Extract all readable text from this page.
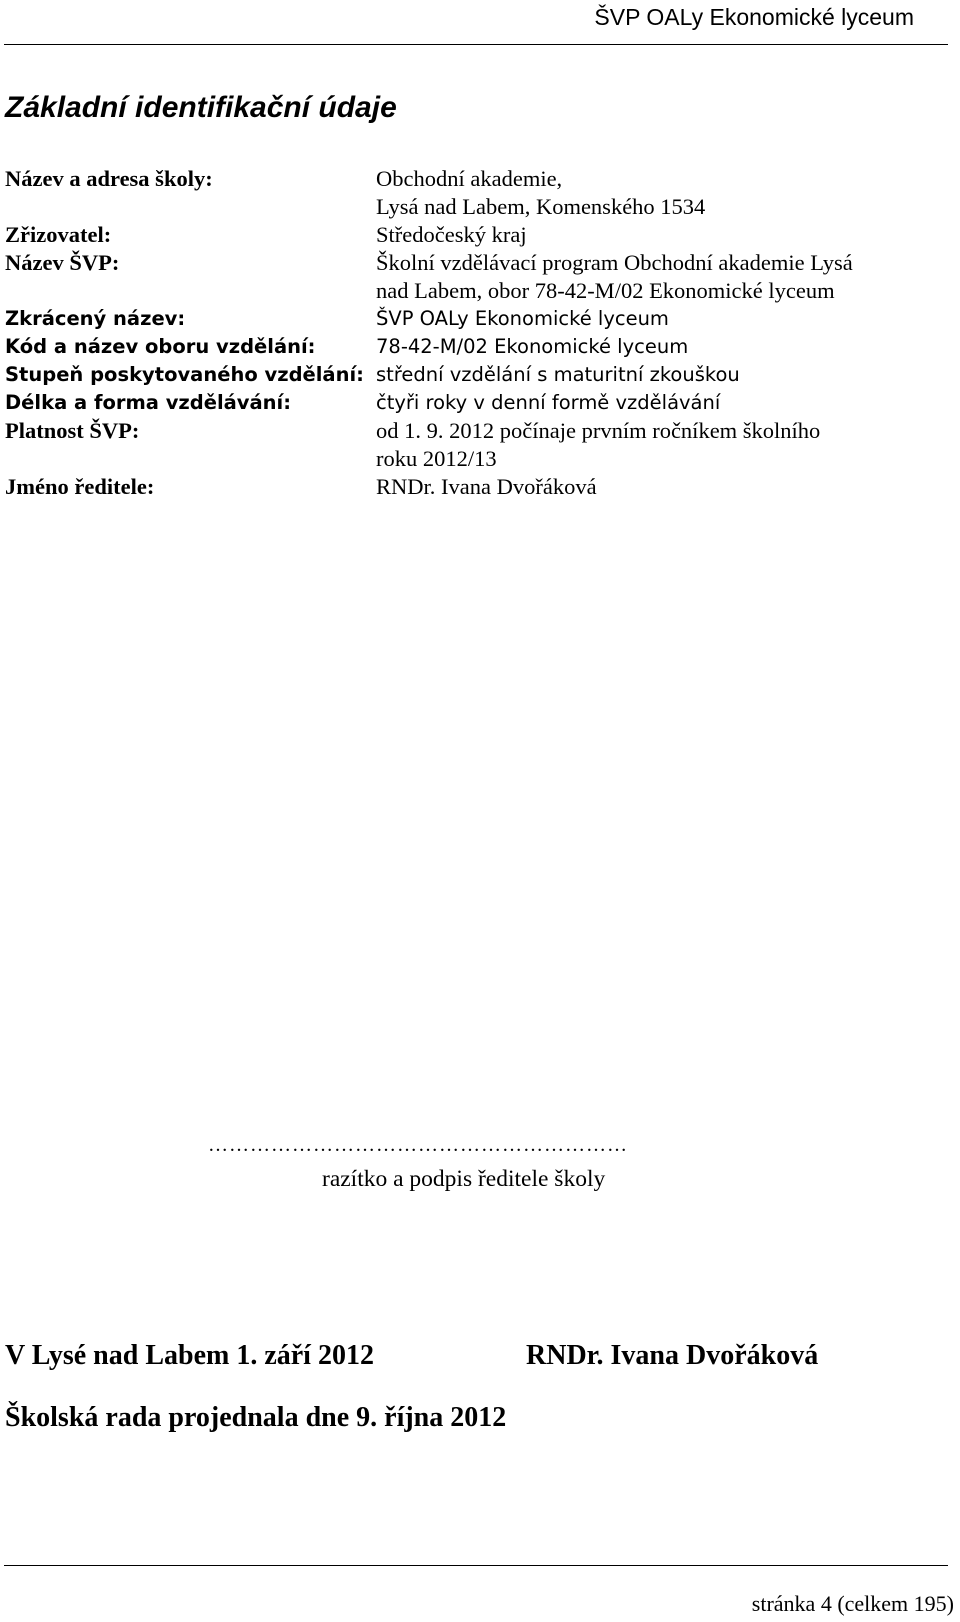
ŠVP OALy Ekonomické lyceum
Základní identifikační údaje
Název a adresa školy:	Obchodní akademie,
Lysá nad Labem, Komenského 1534
Zřizovatel:	Středočeský kraj
Název ŠVP:	Školní vzdělávací program Obchodní akademie Lysá
nad Labem, obor 78-42-M/02 Ekonomické lyceum
Zkrácený název:	ŠVP OALy Ekonomické lyceum
Kód a název oboru vzdělání:	78-42-M/02 Ekonomické lyceum
Stupeň poskytovaného vzdělání: střední vzdělání s maturitní zkouškou
Délka a forma vzdělávání:	čtyři roky v denní formě vzdělávání
Platnost ŠVP:	od 1. 9. 2012 počínaje prvním ročníkem školního
roku 2012/13
Jméno ředitele:	RNDr. Ivana Dvořáková
……………………………………………………
razítko a podpis ředitele školy
V Lysé nad Labem 1. září 2012	RNDr. Ivana Dvořáková
Školská rada projednala dne 9. října 2012
stránka 4 (celkem 195)
